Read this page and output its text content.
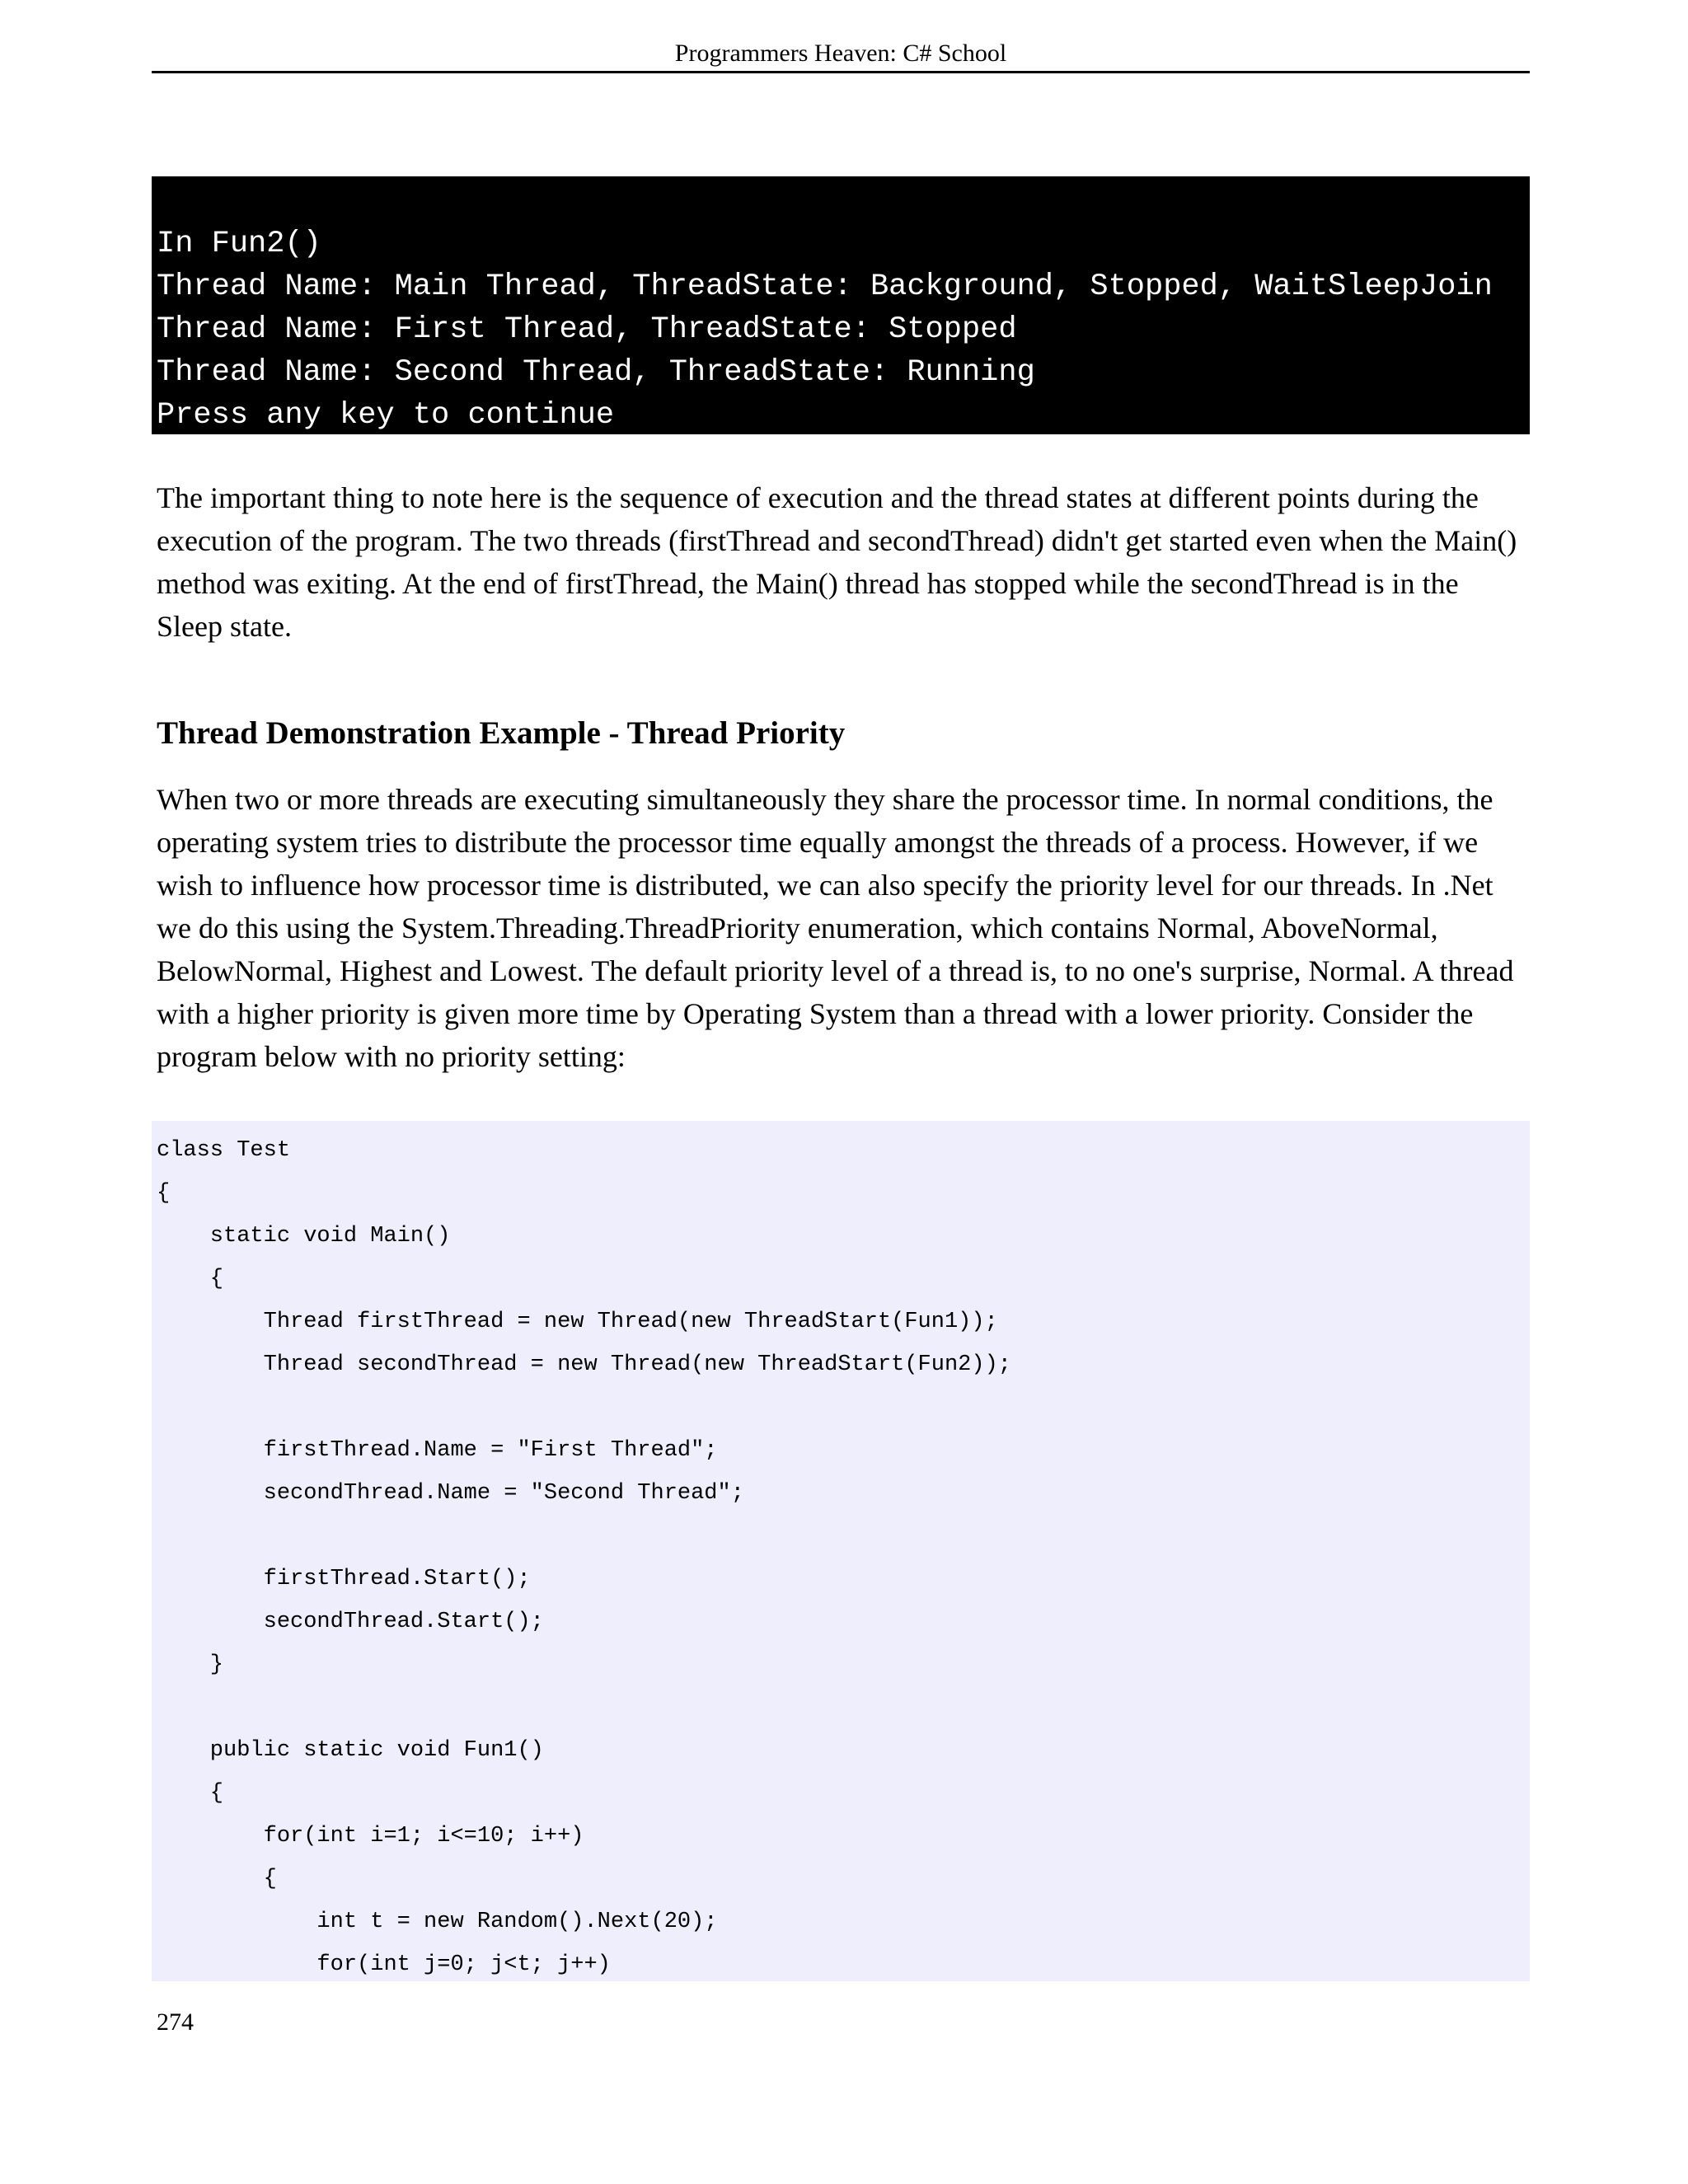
Programmers Heaven: C# School
In Fun2()
Thread Name: Main Thread, ThreadState: Background, Stopped, WaitSleepJoin
Thread Name: First Thread, ThreadState: Stopped
Thread Name: Second Thread, ThreadState: Running
Press any key to continue

The important thing to note here is the sequence of execution and the thread states at different points during the execution of the program. The two threads (firstThread and secondThread) didn't get started even when the Main() method was exiting. At the end of firstThread, the Main() thread has stopped while the secondThread is in the Sleep state.

Thread Demonstration Example - Thread Priority

When two or more threads are executing simultaneously they share the processor time. In normal conditions, the operating system tries to distribute the processor time equally amongst the threads of a process. However, if we wish to influence how processor time is distributed, we can also specify the priority level for our threads. In .Net we do this using the System.Threading.ThreadPriority enumeration, which contains Normal, AboveNormal, BelowNormal, Highest and Lowest. The default priority level of a thread is, to no one's surprise, Normal. A thread with a higher priority is given more time by Operating System than a thread with a lower priority. Consider the program below with no priority setting:

class Test
{
static void Main()
{
Thread firstThread = new Thread(new ThreadStart(Fun1));
Thread secondThread = new Thread(new ThreadStart(Fun2));
firstThread.Name = "First Thread";
secondThread.Name = "Second Thread";
firstThread.Start();
secondThread.Start();
}
public static void Fun1()
{
for(int i=1; i<=10; i++)
{
int t = new Random().Next(20);
for(int j=0; j<t; j++)
274
